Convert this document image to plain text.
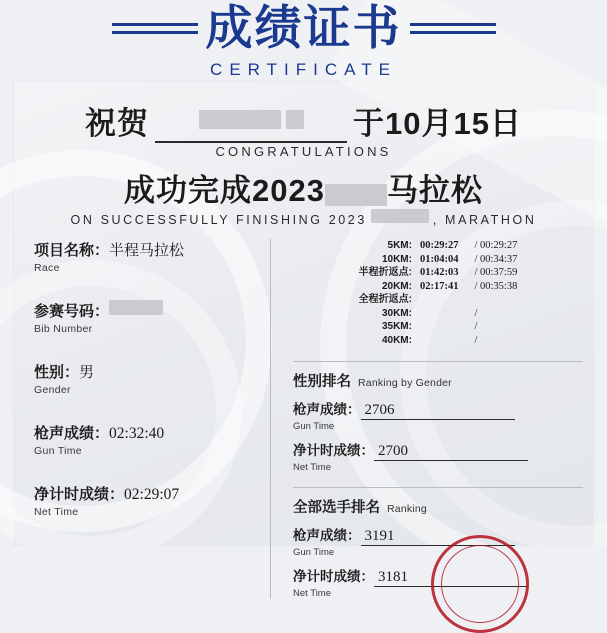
成绩证书
CERTIFICATE
祝贺	于10月15日
CONGRATULATIONS
成功完成2023 马拉松
ON SUCCESSFULLY FINISHING 2023	, MARATHON
项目名称：半程马拉松
Race
参赛号码：
Bib Number
性别：男
Gender
枪声成绩：02:32:40
Gun Time
净计时成绩：02:29:07
Net Time
5KM:	00:29:27	/ 00:29:27
10KM:	01:04:04	/ 00:34:37
半程折返点:	01:42:03	/ 00:37:59
20KM:	02:17:41	/ 00:35:38
全程折返点:		
30KM:		/
35KM:		/
40KM:		/
性别排名 Ranking by Gender
枪声成绩： 2706
Gun Time
净计时成绩： 2700
Net Time
全部选手排名 Ranking
枪声成绩： 3191
Gun Time
净计时成绩： 3181
Net Time
